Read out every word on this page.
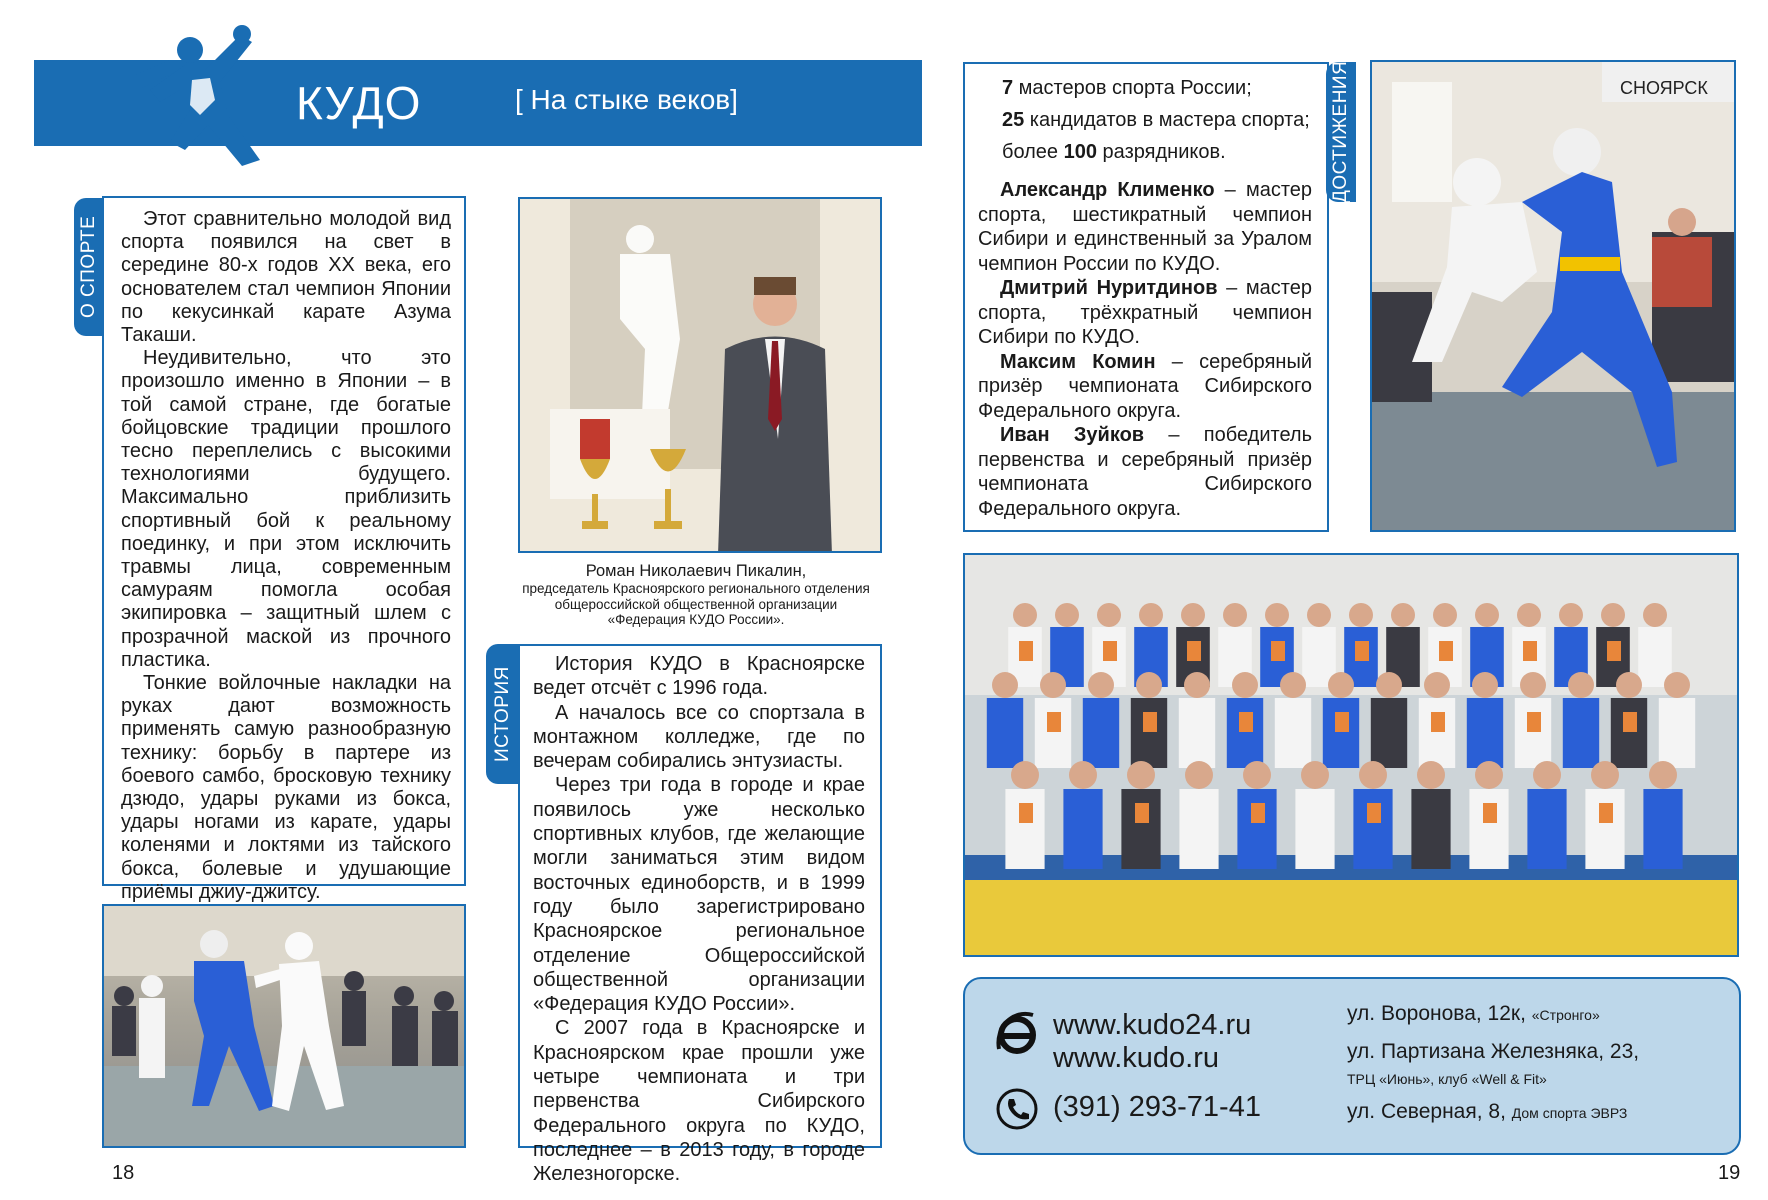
КУДО	[ На стыке веков]
О СПОРТЕ	Этот сравнительно молодой вид спорта появился на свет в середине 80-х годов XX века, его основателем стал чемпион Японии по кекусинкай карате Азума Такаши.

Неудивительно, что это произошло именно в Японии – в той самой стране, где богатые бойцовские традиции прошлого тесно переплелись с высокими технологиями будущего. Максимально приблизить спортивный бой к реальному поединку, и при этом исключить травмы лица, современным самураям помогла особая экипировка – защитный шлем с прозрачной маской из прочного пластика.

Тонкие войлочные накладки на руках дают возможность применять самую разнообразную технику: борьбу в партере из боевого самбо, бросковую технику дзюдо, удары руками из бокса, удары ногами из карате, удары коленями и локтями из тайского бокса, болевые и удушающие приёмы джиу-джитсу.

Роман Николаевич Пикалин,
председатель Красноярского регионального отделения общероссийской общественной организации «Федерация КУДО России».
ИСТОРИЯ

История КУДО в Красноярске ведет отсчёт с 1996 года.

А началось все со спортзала в монтажном колледже, где по вечерам собирались энтузиасты.

Через три года в городе и крае появилось уже несколько спортивных клубов, где желающие могли заниматься этим видом восточных единоборств, и в 1999 году было зарегистрировано Красноярское региональное отделение Общероссийской общественной организации «Федерация КУДО России».

С 2007 года в Красноярске и Красноярском крае прошли уже четыре чемпионата и три первенства Сибирского Федерального округа по КУДО, последнее – в 2013 году, в городе Железногорске.

ДОСТИЖЕНИЯ
7 мастеров спорта России;
25 кандидатов в мастера спорта;
более 100 разрядников.

Александр Клименко – мастер спорта, шестикратный чемпион Сибири и единственный за Уралом чемпион России по КУДО.

Дмитрий Нуритдинов – мастер спорта, трёхкратный чемпион Сибири по КУДО.

Максим Комин – серебряный призёр чемпионата Сибирского Федерального округа.

Иван Зуйков – победитель первенства и серебряный призёр чемпионата Сибирского Федерального округа.

СНОЯРСК
www.kudo24.ru
www.kudo.ru
(391) 293-71-41
ул. Воронова, 12к, «Стронго»
ул. Партизана Железняка, 23,
ТРЦ «Июнь», клуб «Well & Fit»
ул. Северная, 8, Дом спорта ЭВРЗ
18	19
